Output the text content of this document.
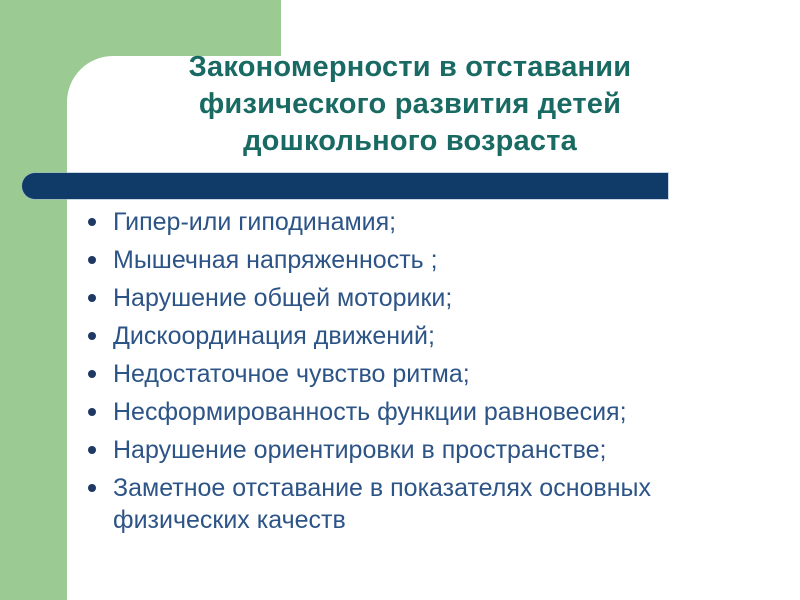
Закономерности в отставании
физического развития детей
дошкольного возраста
Гипер-или гиподинамия;
Мышечная напряженность ;
Нарушение общей моторики;
Дискоординация движений;
Недостаточное чувство ритма;
Несформированность функции равновесия;
Нарушение ориентировки в пространстве;
Заметное отставание в показателях основных физических качеств
